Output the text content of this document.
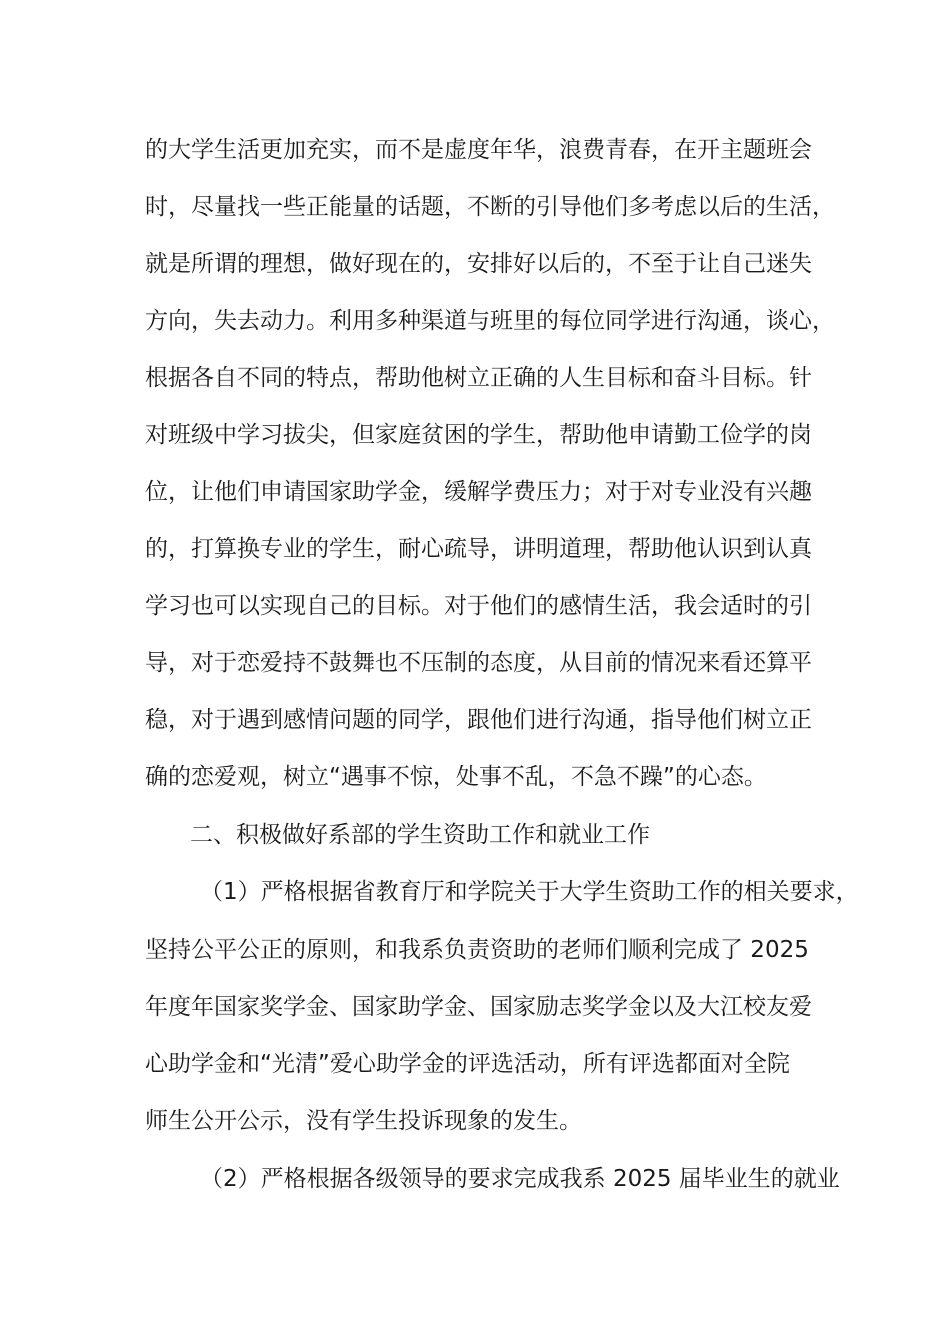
的大学生活更加充实，而不是虚度年华，浪费青春，在开主题班会
时，尽量找一些正能量的话题，不断的引导他们多考虑以后的生活，
就是所谓的理想，做好现在的，安排好以后的，不至于让自己迷失
方向，失去动力。利用多种渠道与班里的每位同学进行沟通，谈心，
根据各自不同的特点，帮助他树立正确的人生目标和奋斗目标。针
对班级中学习拔尖，但家庭贫困的学生，帮助他申请勤工俭学的岗
位，让他们申请国家助学金，缓解学费压力；对于对专业没有兴趣
的，打算换专业的学生，耐心疏导，讲明道理，帮助他认识到认真
学习也可以实现自己的目标。对于他们的感情生活，我会适时的引
导，对于恋爱持不鼓舞也不压制的态度，从目前的情况来看还算平
稳，对于遇到感情问题的同学，跟他们进行沟通，指导他们树立正
确的恋爱观，树立“遇事不惊，处事不乱，不急不躁”的心态。
二、积极做好系部的学生资助工作和就业工作
（1）严格根据省教育厅和学院关于大学生资助工作的相关要求，
坚持公平公正的原则，和我系负责资助的老师们顺利完成了 2025
年度年国家奖学金、国家助学金、国家励志奖学金以及大江校友爱
心助学金和“光清”爱心助学金的评选活动，所有评选都面对全院
师生公开公示，没有学生投诉现象的发生。
（2）严格根据各级领导的要求完成我系 2025 届毕业生的就业
